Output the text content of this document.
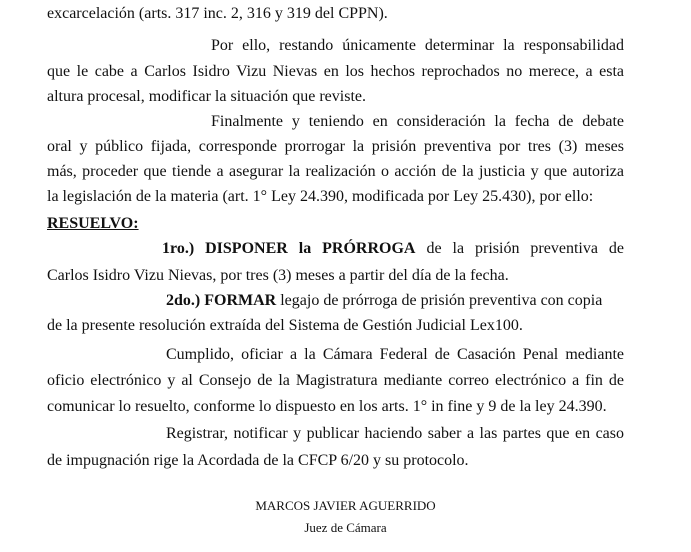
excarcelación (arts. 317 inc. 2, 316 y 319 del CPPN).
Por ello, restando únicamente determinar la responsabilidad
que le cabe a Carlos Isidro Vizu Nievas en los hechos reprochados no merece, a esta
altura procesal, modificar la situación que reviste.
Finalmente y teniendo en consideración la fecha de debate
oral y público fijada, corresponde prorrogar la prisión preventiva por tres (3) meses
más, proceder que tiende a asegurar la realización o acción de la justicia y que autoriza
la legislación de la materia (art. 1° Ley 24.390, modificada por Ley 25.430), por ello:
RESUELVO:
1ro.) DISPONER la PRÓRROGA de la prisión preventiva de
Carlos Isidro Vizu Nievas, por tres (3) meses a partir del día de la fecha.
2do.) FORMAR legajo de prórroga de prisión preventiva con copia
de la presente resolución extraída del Sistema de Gestión Judicial Lex100.
Cumplido, oficiar a la Cámara Federal de Casación Penal mediante
oficio electrónico y al Consejo de la Magistratura mediante correo electrónico a fin de
comunicar lo resuelto, conforme lo dispuesto en los arts. 1° in fine y 9 de la ley 24.390.
Registrar, notificar y publicar haciendo saber a las partes que en caso
de impugnación rige la Acordada de la CFCP 6/20 y su protocolo.
MARCOS JAVIER AGUERRIDO
Juez de Cámara
